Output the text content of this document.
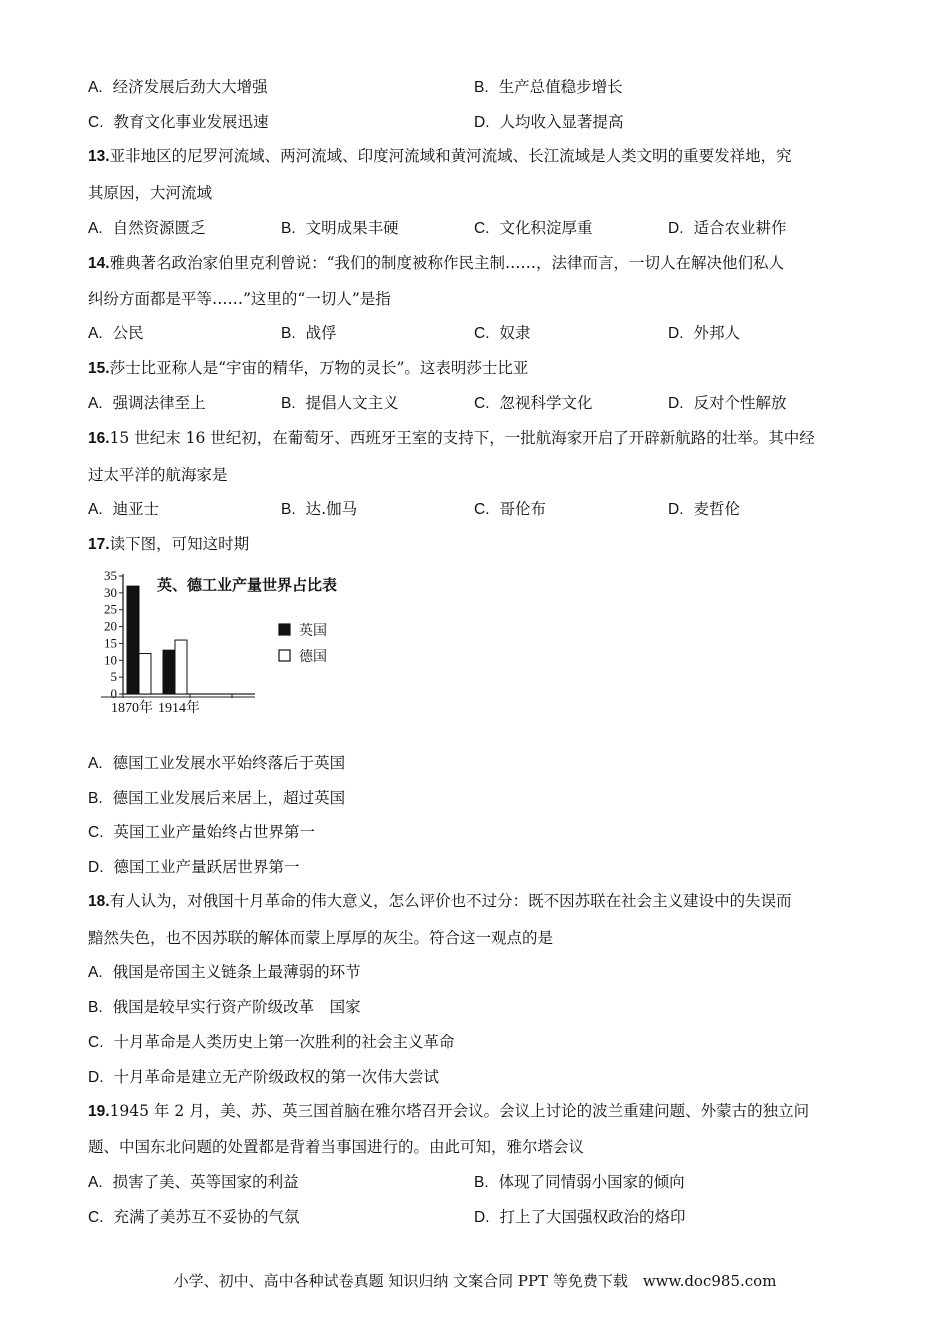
A. 经济发展后劲大大增强	B. 生产总值稳步增长
C. 教育文化事业发展迅速	D. 人均收入显著提高
13.亚非地区的尼罗河流域、两河流域、印度河流域和黄河流域、长江流域是人类文明的重要发祥地，究
其原因，大河流域
A. 自然资源匮乏	B. 文明成果丰硬	C. 文化积淀厚重	D. 适合农业耕作
14.雅典著名政治家伯里克利曾说：“我们的制度被称作民主制……，法律而言，一切人在解决他们私人
纠纷方面都是平等……”这里的“一切人”是指
A. 公民	B. 战俘	C. 奴隶	D. 外邦人
15.莎士比亚称人是“宇宙的精华，万物的灵长”。这表明莎士比亚
A. 强调法律至上	B. 提倡人文主义	C. 忽视科学文化	D. 反对个性解放
16.15 世纪末 16 世纪初，在葡萄牙、西班牙王室的支持下，一批航海家开启了开辟新航路的壮举。其中经
过太平洋的航海家是
A. 迪亚士	B. 达.伽马	C. 哥伦布	D. 麦哲伦
17.读下图，可知这时期
0
5
10
15
20
25
30
35
1870年 1914年
英、德工业产量世界占比表
英国
德国
A. 德国工业发展水平始终落后于英国
B. 德国工业发展后来居上，超过英国
C. 英国工业产量始终占世界第一
D. 德国工业产量跃居世界第一
18.有人认为，对俄国十月革命的伟大意义，怎么评价也不过分：既不因苏联在社会主义建设中的失误而
黯然失色，也不因苏联的解体而蒙上厚厚的灰尘。符合这一观点的是
A. 俄国是帝国主义链条上最薄弱的环节
B. 俄国是较早实行资产阶级改革　国家
C. 十月革命是人类历史上第一次胜利的社会主义革命
D. 十月革命是建立无产阶级政权的第一次伟大尝试
19.1945 年 2 月，美、苏、英三国首脑在雅尔塔召开会议。会议上讨论的波兰重建问题、外蒙古的独立问
题、中国东北问题的处置都是背着当事国进行的。由此可知，雅尔塔会议
A. 损害了美、英等国家的利益	B. 体现了同情弱小国家的倾向
C. 充满了美苏互不妥协的气氛	D. 打上了大国强权政治的烙印
小学、初中、高中各种试卷真题 知识归纳 文案合同 PPT 等免费下载　www.doc985.com
